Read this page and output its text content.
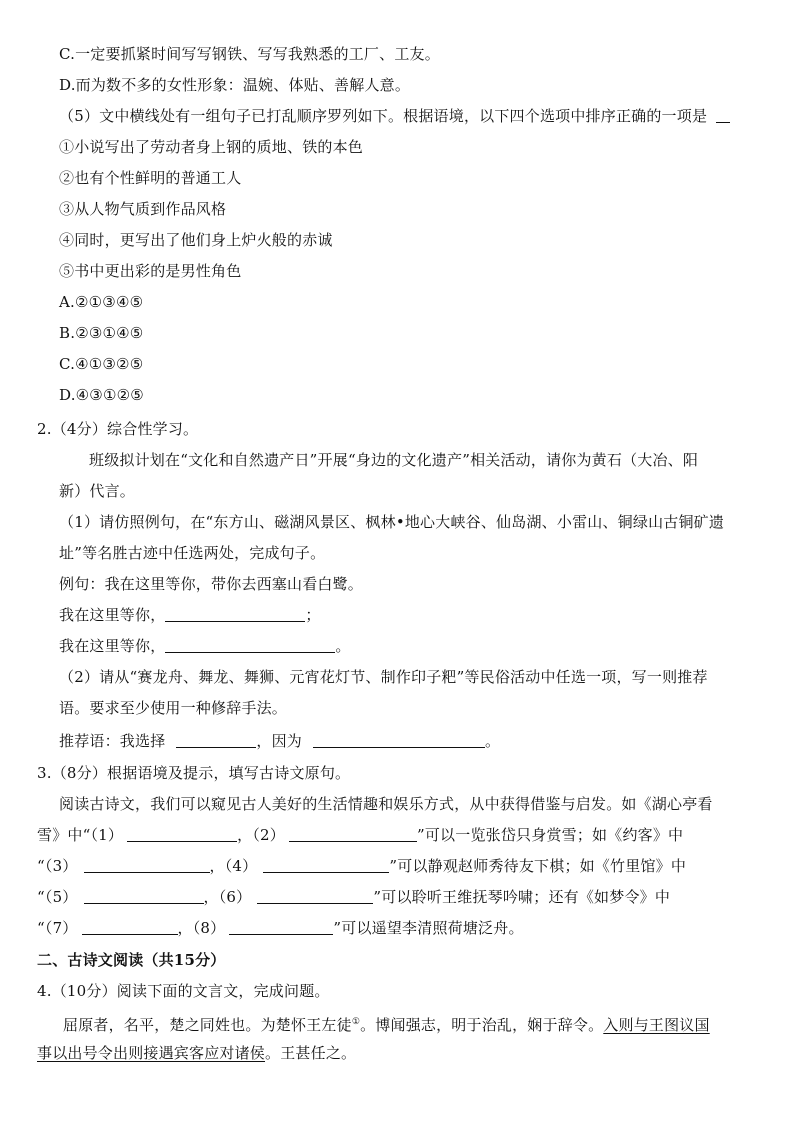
C.一定要抓紧时间写写钢铁、写写我熟悉的工厂、工友。
D.而为数不多的女性形象：温婉、体贴、善解人意。
（5）文中横线处有一组句子已打乱顺序罗列如下。根据语境，以下四个选项中排序正确的一项是
①小说写出了劳动者身上钢的质地、铁的本色
②也有个性鲜明的普通工人
③从人物气质到作品风格
④同时，更写出了他们身上炉火般的赤诚
⑤书中更出彩的是男性角色
A.②①③④⑤
B.②③①④⑤
C.④①③②⑤
D.④③①②⑤
2.（4分）综合性学习。
班级拟计划在“文化和自然遗产日”开展“身边的文化遗产”相关活动，请你为黄石（大冶、阳
新）代言。
（1）请仿照例句，在“东方山、磁湖风景区、枫林•地心大峡谷、仙岛湖、小雷山、铜绿山古铜矿遗
址”等名胜古迹中任选两处，完成句子。
例句：我在这里等你，带你去西塞山看白鹭。
我在这里等你，	；
我在这里等你，	。
（2）请从“赛龙舟、舞龙、舞狮、元宵花灯节、制作印子粑”等民俗活动中任选一项，写一则推荐
语。要求至少使用一种修辞手法。
推荐语：我选择	，因为	。
3.（8分）根据语境及提示，填写古诗文原句。
阅读古诗文，我们可以窥见古人美好的生活情趣和娱乐方式，从中获得借鉴与启发。如《湖心亭看
雪》中“（1）	，（2）	”可以一览张岱只身赏雪；如《约客》中
“（3）	，（4）	”可以静观赵师秀待友下棋；如《竹里馆》中
“（5）	，（6）	”可以聆听王维抚琴吟啸；还有《如梦令》中
“（7）	，（8）	”可以遥望李清照荷塘泛舟。
二、古诗文阅读（共15分）
4.（10分）阅读下面的文言文，完成问题。
屈原者，名平，楚之同姓也。为楚怀王左徒①。博闻强志，明于治乱，娴于辞令。入则与王图议国
事以出号令出则接遇宾客应对诸侯。王甚任之。
